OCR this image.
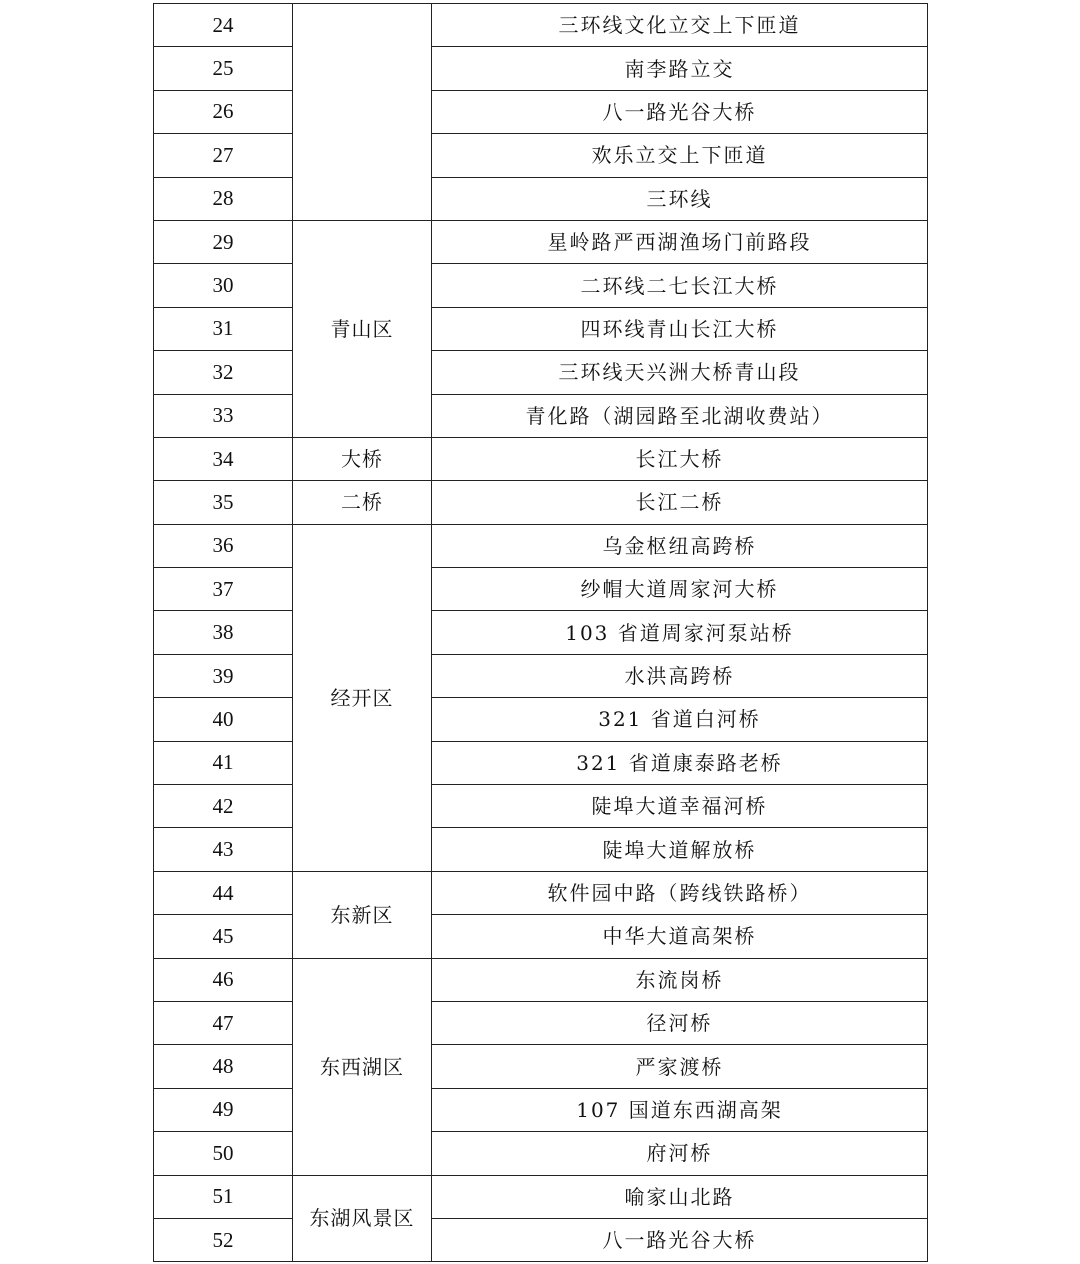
24		三环线文化立交上下匝道
25		南李路立交
26		八一路光谷大桥
27		欢乐立交上下匝道
28		三环线
29	青山区	星岭路严西湖渔场门前路段
30		二环线二七长江大桥
31		四环线青山长江大桥
32		三环线天兴洲大桥青山段
33		青化路（湖园路至北湖收费站）
34	大桥	长江大桥
35	二桥	长江二桥
36	经开区	乌金枢纽高跨桥
37		纱帽大道周家河大桥
38		103 省道周家河泵站桥
39		水洪高跨桥
40		321 省道白河桥
41		321 省道康泰路老桥
42		陡埠大道幸福河桥
43		陡埠大道解放桥
44	东新区	软件园中路（跨线铁路桥）
45		中华大道高架桥
46	东西湖区	东流岗桥
47		径河桥
48		严家渡桥
49		107 国道东西湖高架
50		府河桥
51	东湖风景区	喻家山北路
52		八一路光谷大桥
